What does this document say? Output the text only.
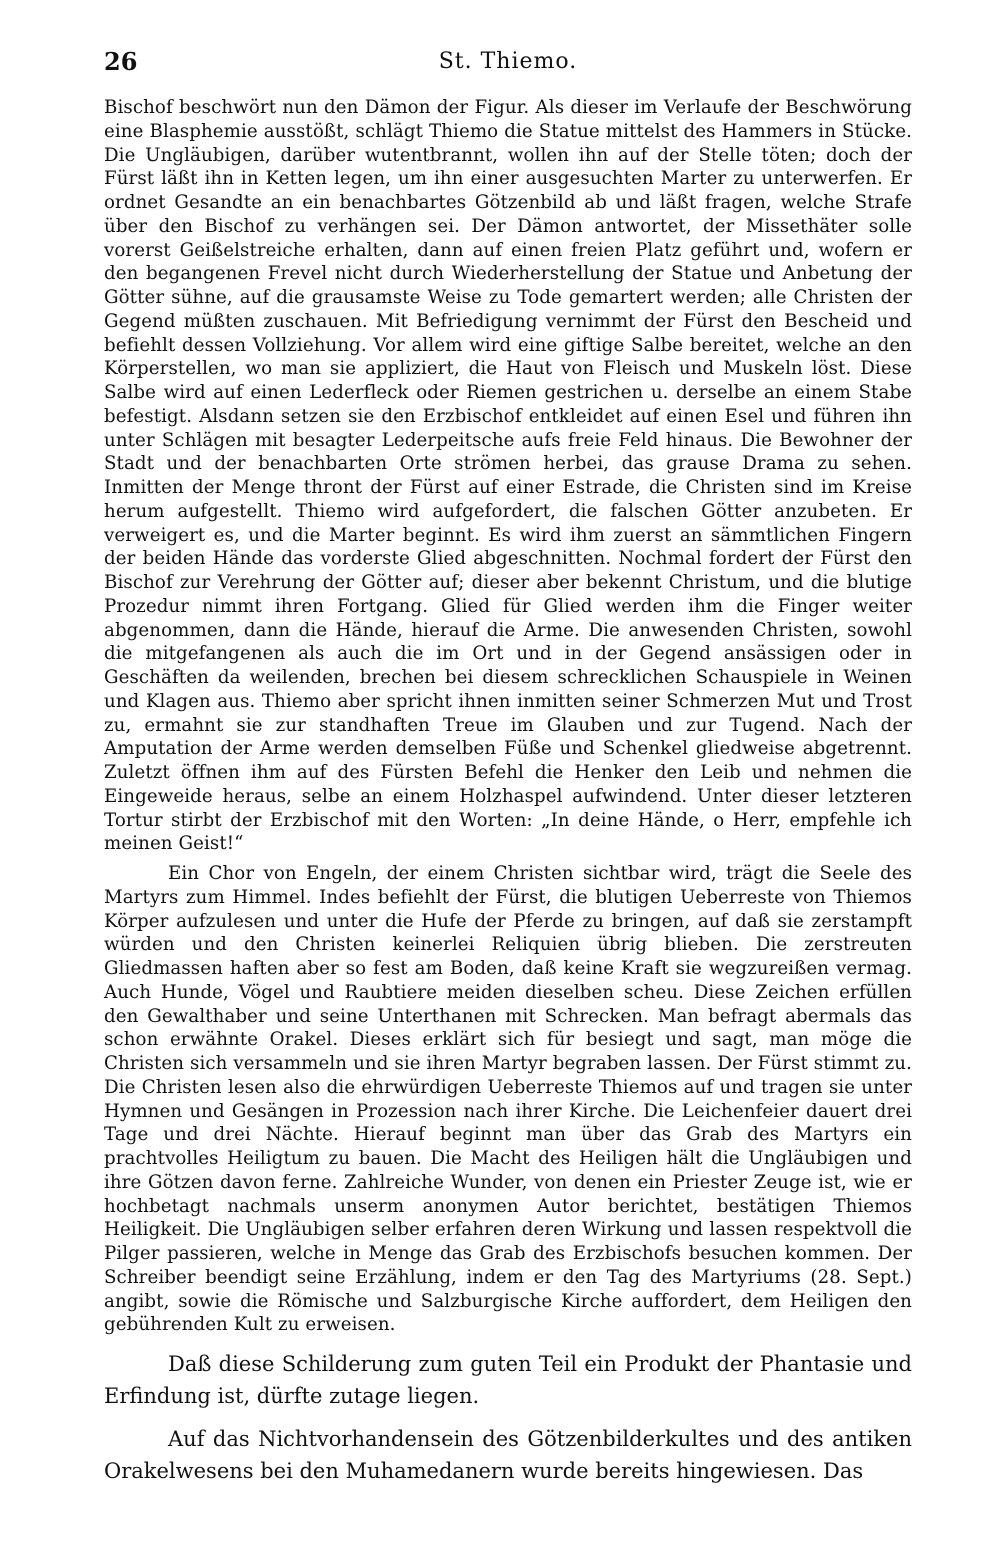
26	St. Thiemo.

Bischof beschwört nun den Dämon der Figur. Als dieser im Verlaufe der Beschwörung eine Blasphemie ausstößt, schlägt Thiemo die Statue mittelst des Hammers in Stücke. Die Ungläubigen, darüber wutentbrannt, wollen ihn auf der Stelle töten; doch der Fürst läßt ihn in Ketten legen, um ihn einer ausgesuchten Marter zu unterwerfen. Er ordnet Gesandte an ein benachbartes Götzenbild ab und läßt fragen, welche Strafe über den Bischof zu verhängen sei. Der Dämon antwortet, der Missethäter solle vorerst Geißelstreiche erhalten, dann auf einen freien Platz geführt und, wofern er den begangenen Frevel nicht durch Wiederherstellung der Statue und Anbetung der Götter sühne, auf die grausamste Weise zu Tode gemartert werden; alle Christen der Gegend müßten zuschauen. Mit Befriedigung vernimmt der Fürst den Bescheid und befiehlt dessen Vollziehung. Vor allem wird eine giftige Salbe bereitet, welche an den Körperstellen, wo man sie appliziert, die Haut von Fleisch und Muskeln löst. Diese Salbe wird auf einen Lederfleck oder Riemen gestrichen u. derselbe an einem Stabe befestigt. Alsdann setzen sie den Erzbischof entkleidet auf einen Esel und führen ihn unter Schlägen mit besagter Lederpeitsche aufs freie Feld hinaus. Die Bewohner der Stadt und der benachbarten Orte strömen herbei, das grause Drama zu sehen. Inmitten der Menge thront der Fürst auf einer Estrade, die Christen sind im Kreise herum aufgestellt. Thiemo wird aufgefordert, die falschen Götter anzubeten. Er verweigert es, und die Marter beginnt. Es wird ihm zuerst an sämmtlichen Fingern der beiden Hände das vorderste Glied abgeschnitten. Nochmal fordert der Fürst den Bischof zur Verehrung der Götter auf; dieser aber bekennt Christum, und die blutige Prozedur nimmt ihren Fortgang. Glied für Glied werden ihm die Finger weiter abgenommen, dann die Hände, hierauf die Arme. Die anwesenden Christen, sowohl die mitgefangenen als auch die im Ort und in der Gegend ansässigen oder in Geschäften da weilenden, brechen bei diesem schrecklichen Schauspiele in Weinen und Klagen aus. Thiemo aber spricht ihnen inmitten seiner Schmerzen Mut und Trost zu, ermahnt sie zur standhaften Treue im Glauben und zur Tugend. Nach der Amputation der Arme werden demselben Füße und Schenkel gliedweise abgetrennt. Zuletzt öffnen ihm auf des Fürsten Befehl die Henker den Leib und nehmen die Eingeweide heraus, selbe an einem Holzhaspel aufwindend. Unter dieser letzteren Tortur stirbt der Erzbischof mit den Worten: „In deine Hände, o Herr, empfehle ich meinen Geist!“

Ein Chor von Engeln, der einem Christen sichtbar wird, trägt die Seele des Martyrs zum Himmel. Indes befiehlt der Fürst, die blutigen Ueberreste von Thiemos Körper aufzulesen und unter die Hufe der Pferde zu bringen, auf daß sie zerstampft würden und den Christen keinerlei Reliquien übrig blieben. Die zerstreuten Gliedmassen haften aber so fest am Boden, daß keine Kraft sie wegzureißen vermag. Auch Hunde, Vögel und Raubtiere meiden dieselben scheu. Diese Zeichen erfüllen den Gewalthaber und seine Unterthanen mit Schrecken. Man befragt abermals das schon erwähnte Orakel. Dieses erklärt sich für besiegt und sagt, man möge die Christen sich versammeln und sie ihren Martyr begraben lassen. Der Fürst stimmt zu. Die Christen lesen also die ehrwürdigen Ueberreste Thiemos auf und tragen sie unter Hymnen und Gesängen in Prozession nach ihrer Kirche. Die Leichenfeier dauert drei Tage und drei Nächte. Hierauf beginnt man über das Grab des Martyrs ein prachtvolles Heiligtum zu bauen. Die Macht des Heiligen hält die Ungläubigen und ihre Götzen davon ferne. Zahlreiche Wunder, von denen ein Priester Zeuge ist, wie er hochbetagt nachmals unserm anonymen Autor berichtet, bestätigen Thiemos Heiligkeit. Die Ungläubigen selber erfahren deren Wirkung und lassen respektvoll die Pilger passieren, welche in Menge das Grab des Erzbischofs besuchen kommen. Der Schreiber beendigt seine Erzählung, indem er den Tag des Martyriums (28. Sept.) angibt, sowie die Römische und Salzburgische Kirche auffordert, dem Heiligen den gebührenden Kult zu erweisen.

Daß diese Schilderung zum guten Teil ein Produkt der Phantasie und Erfindung ist, dürfte zutage liegen.

Auf das Nichtvorhandensein des Götzenbilderkultes und des antiken Orakelwesens bei den Muhamedanern wurde bereits hingewiesen. Das
